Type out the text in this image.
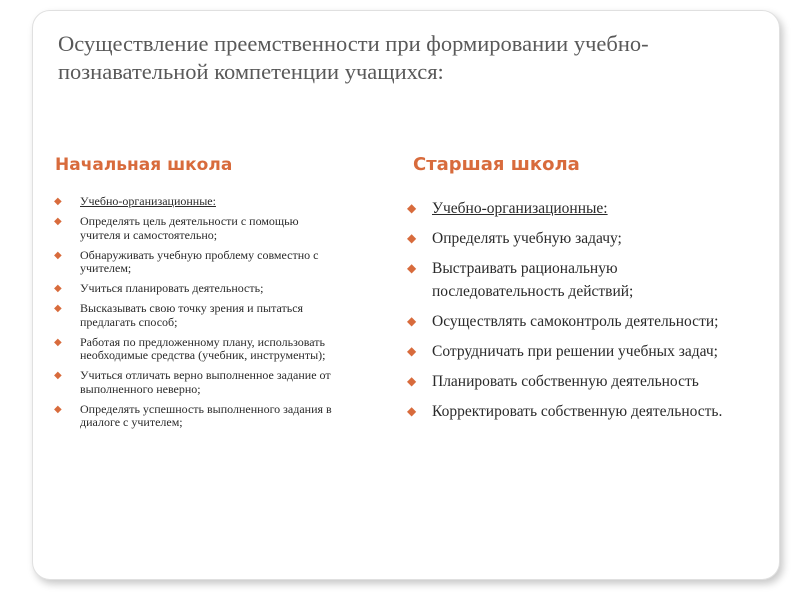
Осуществление преемственности при формировании учебно-познавательной компетенции учащихся:
Начальная школа	Старшая школа
◆ Учебно-организационные:
◆ Определять цель деятельности с помощью учителя и самостоятельно;
◆ Обнаруживать учебную проблему совместно с учителем;
◆ Учиться планировать деятельность;
◆ Высказывать свою точку зрения и пытаться предлагать способ;
◆ Работая по предложенному плану, использовать необходимые средства (учебник, инструменты);
◆ Учиться отличать верно выполненное задание от выполненного неверно;
◆ Определять успешность выполненного задания в диалоге с учителем;
◆ Учебно-организационные:
◆ Определять учебную задачу;
◆ Выстраивать рациональную последовательность действий;
◆ Осуществлять самоконтроль деятельности;
◆ Сотрудничать при решении учебных задач;
◆ Планировать собственную деятельность
◆ Корректировать собственную деятельность.
